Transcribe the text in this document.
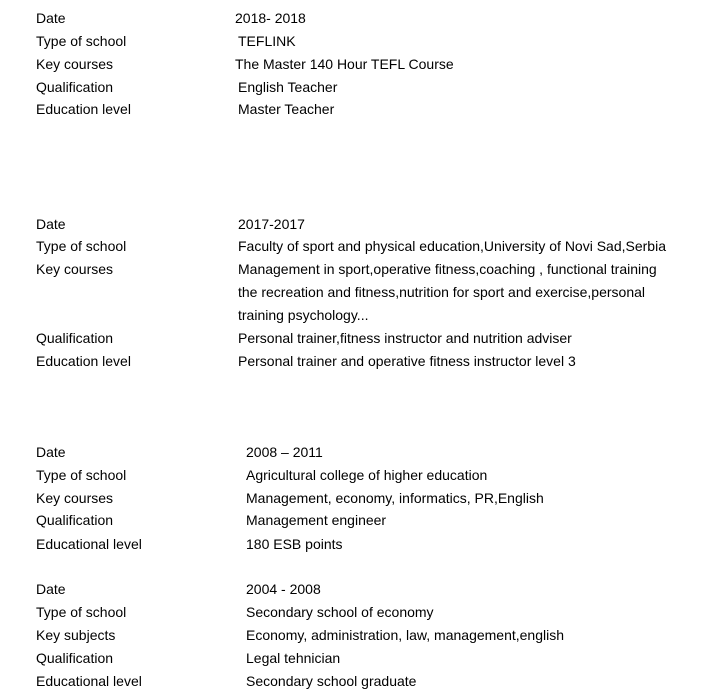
Date	2018- 2018
Type of school	TEFLINK
Key courses	The Master 140 Hour TEFL Course
Qualification	English Teacher
Education level	Master Teacher
Date	2017-2017
Type of school	Faculty of sport and physical education,University of Novi Sad,Serbia
Key courses	Management in sport,operative fitness,coaching , functional training
the recreation and fitness,nutrition for sport and exercise,personal
training psychology...
Qualification	Personal trainer,fitness instructor and nutrition adviser
Education level	Personal trainer and operative fitness instructor level 3
Date	2008 – 2011
Type of school	Agricultural college of higher education
Key courses	Management, economy, informatics, PR,English
Qualification	Management engineer
Educational level	180 ESB points
Date	2004 - 2008
Type of school	Secondary school of economy
Key subjects	Economy, administration, law, management,english
Qualification	Legal tehnician
Educational level	Secondary school graduate
